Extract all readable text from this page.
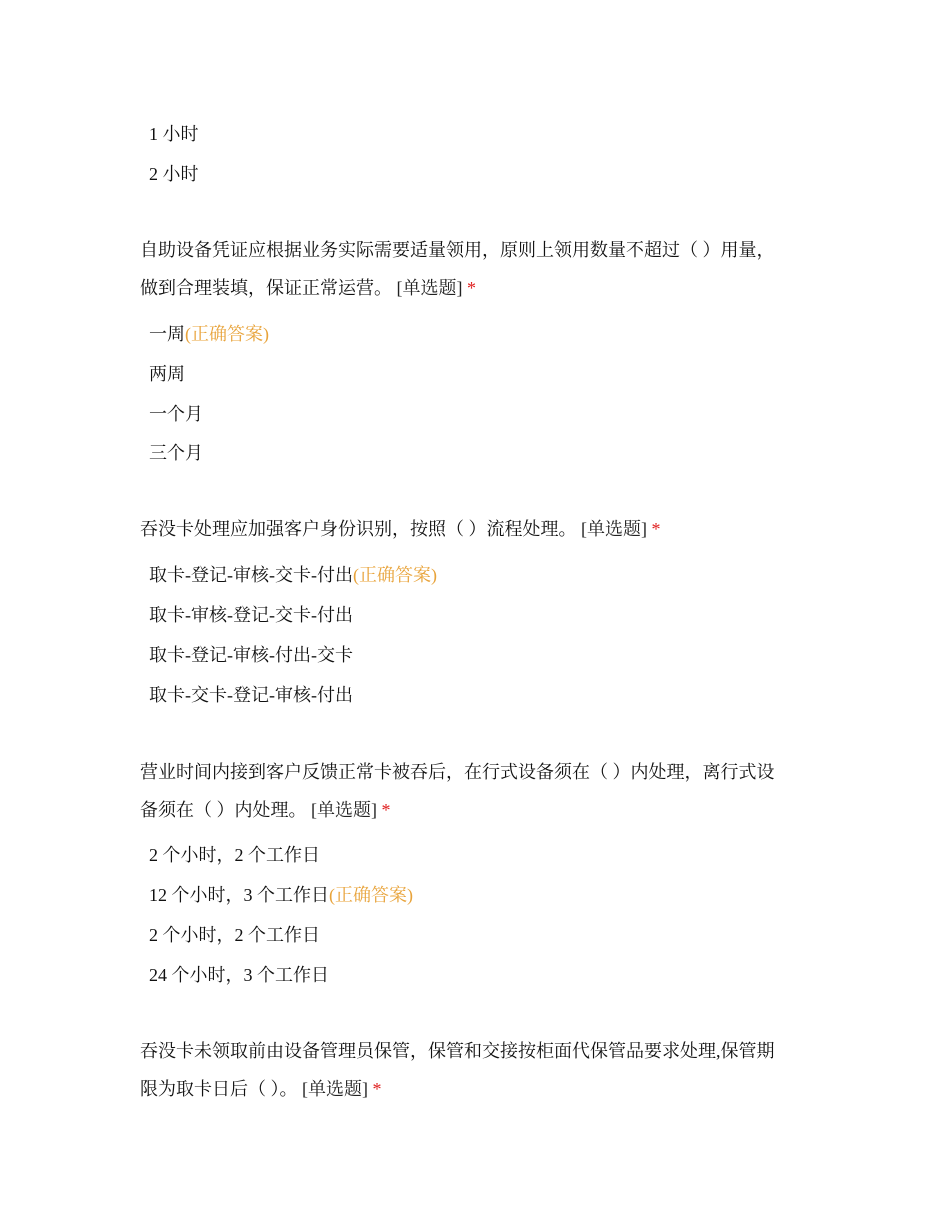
1 小时
2 小时
自助设备凭证应根据业务实际需要适量领用，原则上领用数量不超过（ ）用量，
做到合理装填，保证正常运营。 [单选题] *
一周(正确答案)
两周
一个月
三个月
吞没卡处理应加强客户身份识别，按照（ ）流程处理。 [单选题] *
取卡-登记-审核-交卡-付出(正确答案)
取卡-审核-登记-交卡-付出
取卡-登记-审核-付出-交卡
取卡-交卡-登记-审核-付出
营业时间内接到客户反馈正常卡被吞后，在行式设备须在（ ）内处理，离行式设
备须在（ ）内处理。 [单选题] *
2 个小时，2 个工作日
12 个小时，3 个工作日(正确答案)
2 个小时，2 个工作日
24 个小时，3 个工作日
吞没卡未领取前由设备管理员保管，保管和交接按柜面代保管品要求处理,保管期
限为取卡日后（ ）。 [单选题] *
